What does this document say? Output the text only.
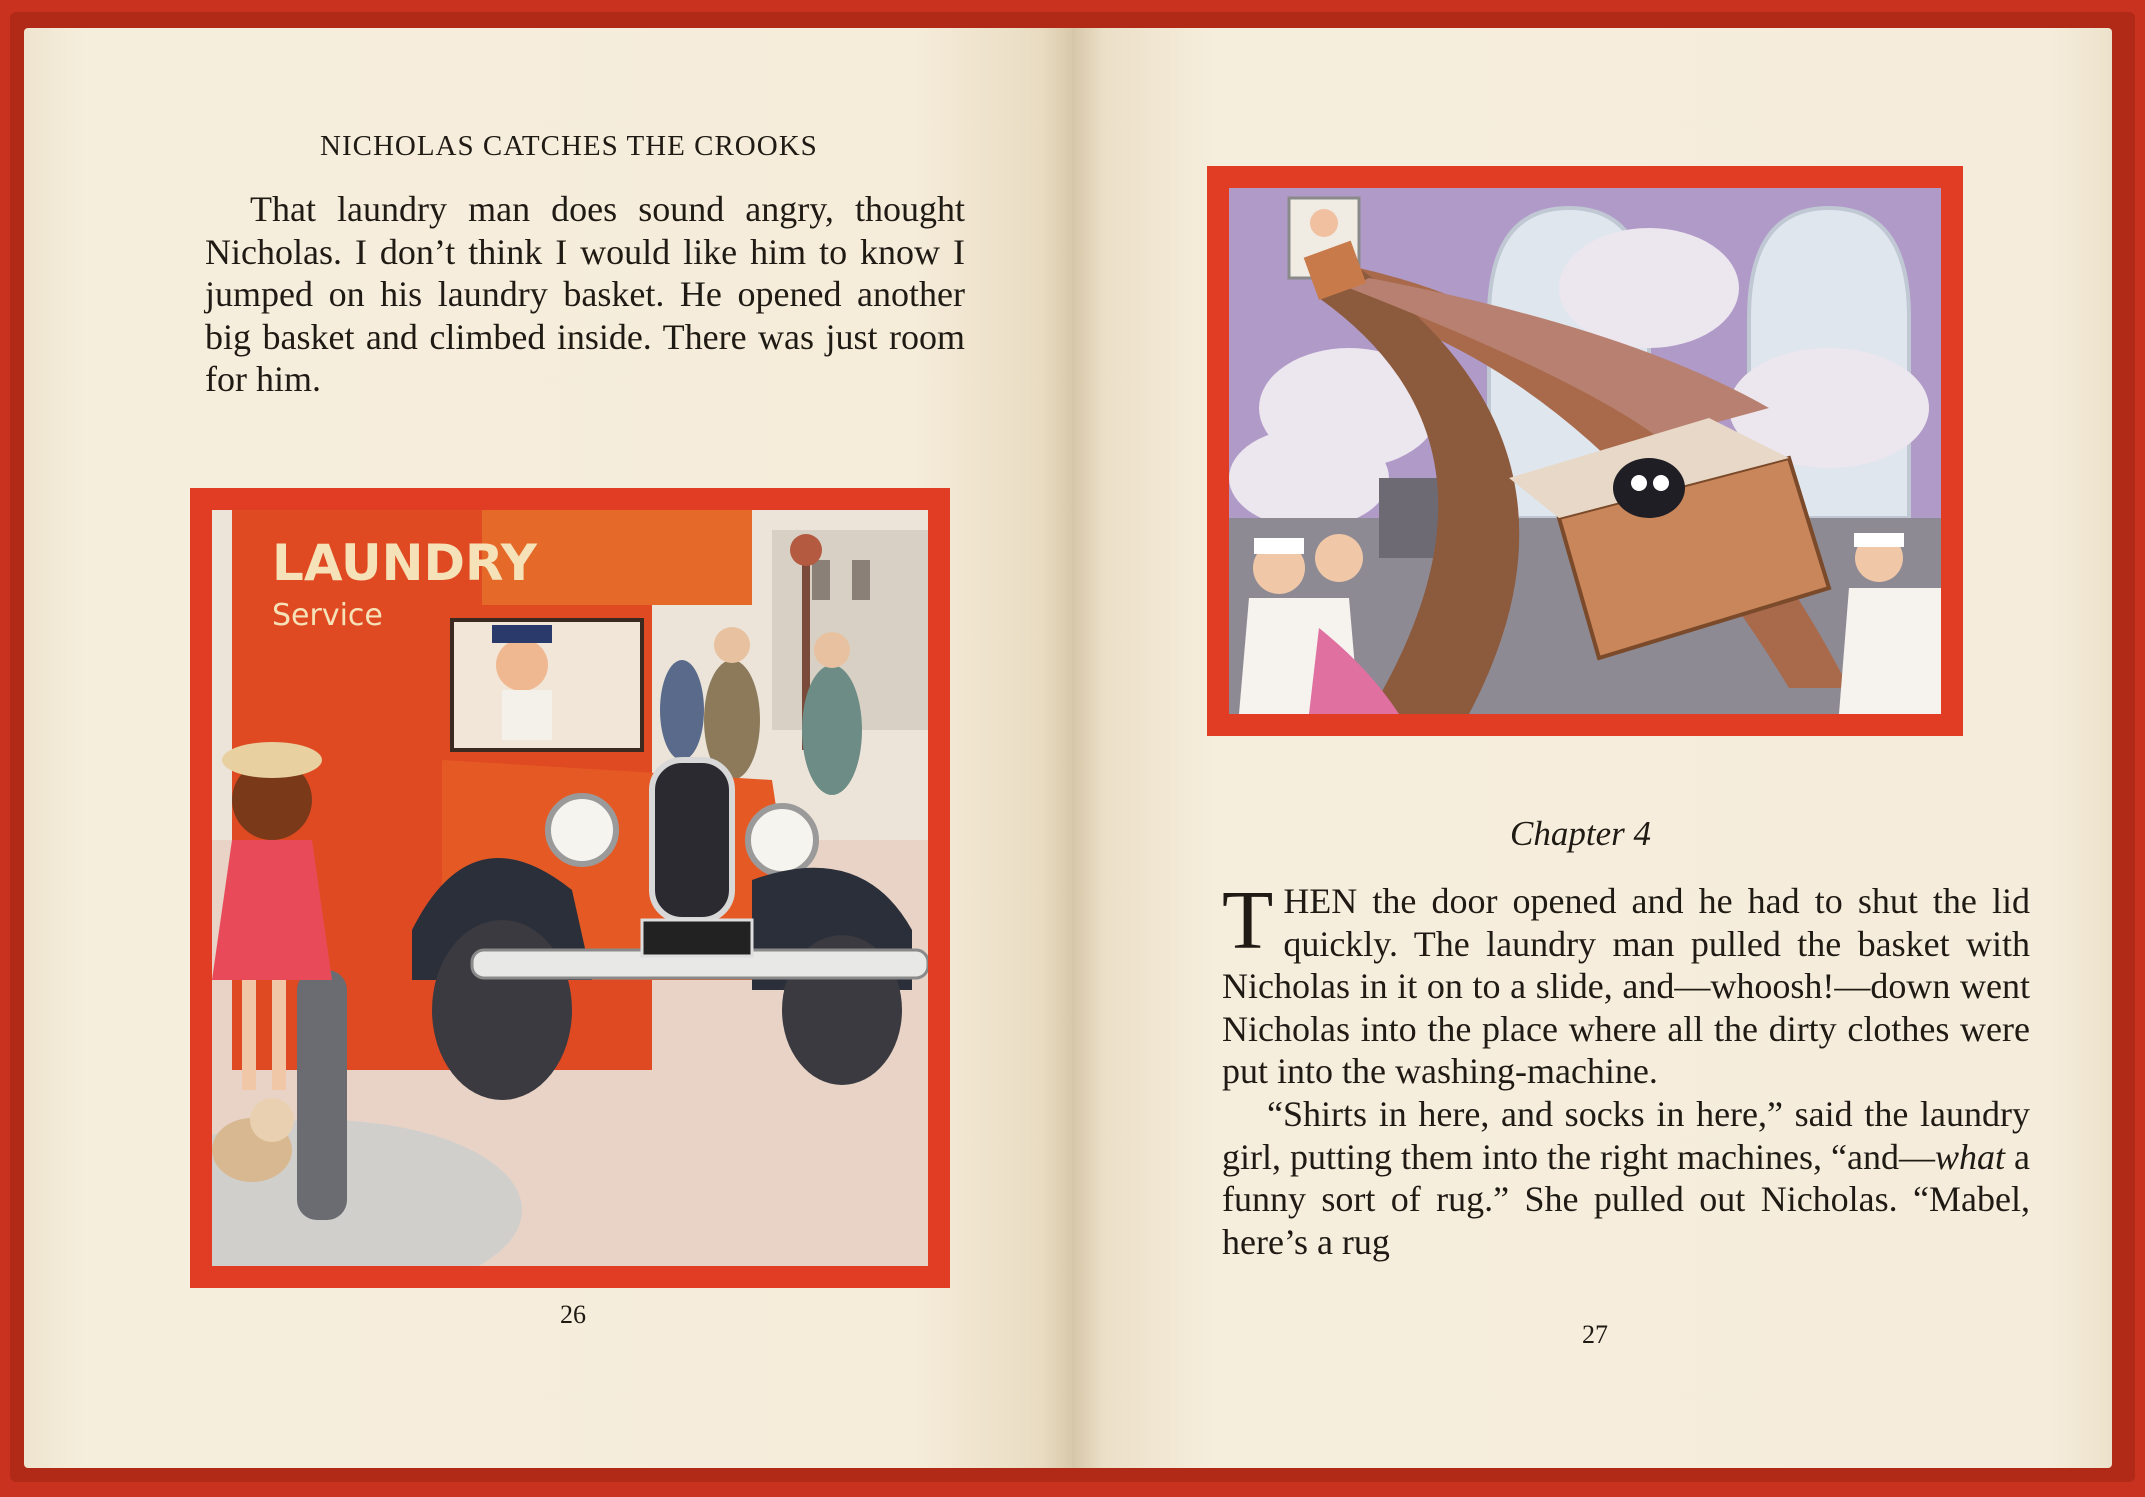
NICHOLAS CATCHES THE CROOKS

That laundry man does sound angry, thought Nicholas. I don’t think I would like him to know I jumped on his laundry basket. He opened another big basket and climbed inside. There was just room for him.

LAUNDRY
Service
26
Chapter 4

THEN the door opened and he had to shut the lid quickly. The laundry man pulled the basket with Nicholas in it on to a slide, and—whoosh!—down went Nicholas into the place where all the dirty clothes were put into the washing-machine.

“Shirts in here, and socks in here,” said the laundry girl, putting them into the right machines, “and—what a funny sort of rug.” She pulled out Nicholas. “Mabel, here’s a rug

27
